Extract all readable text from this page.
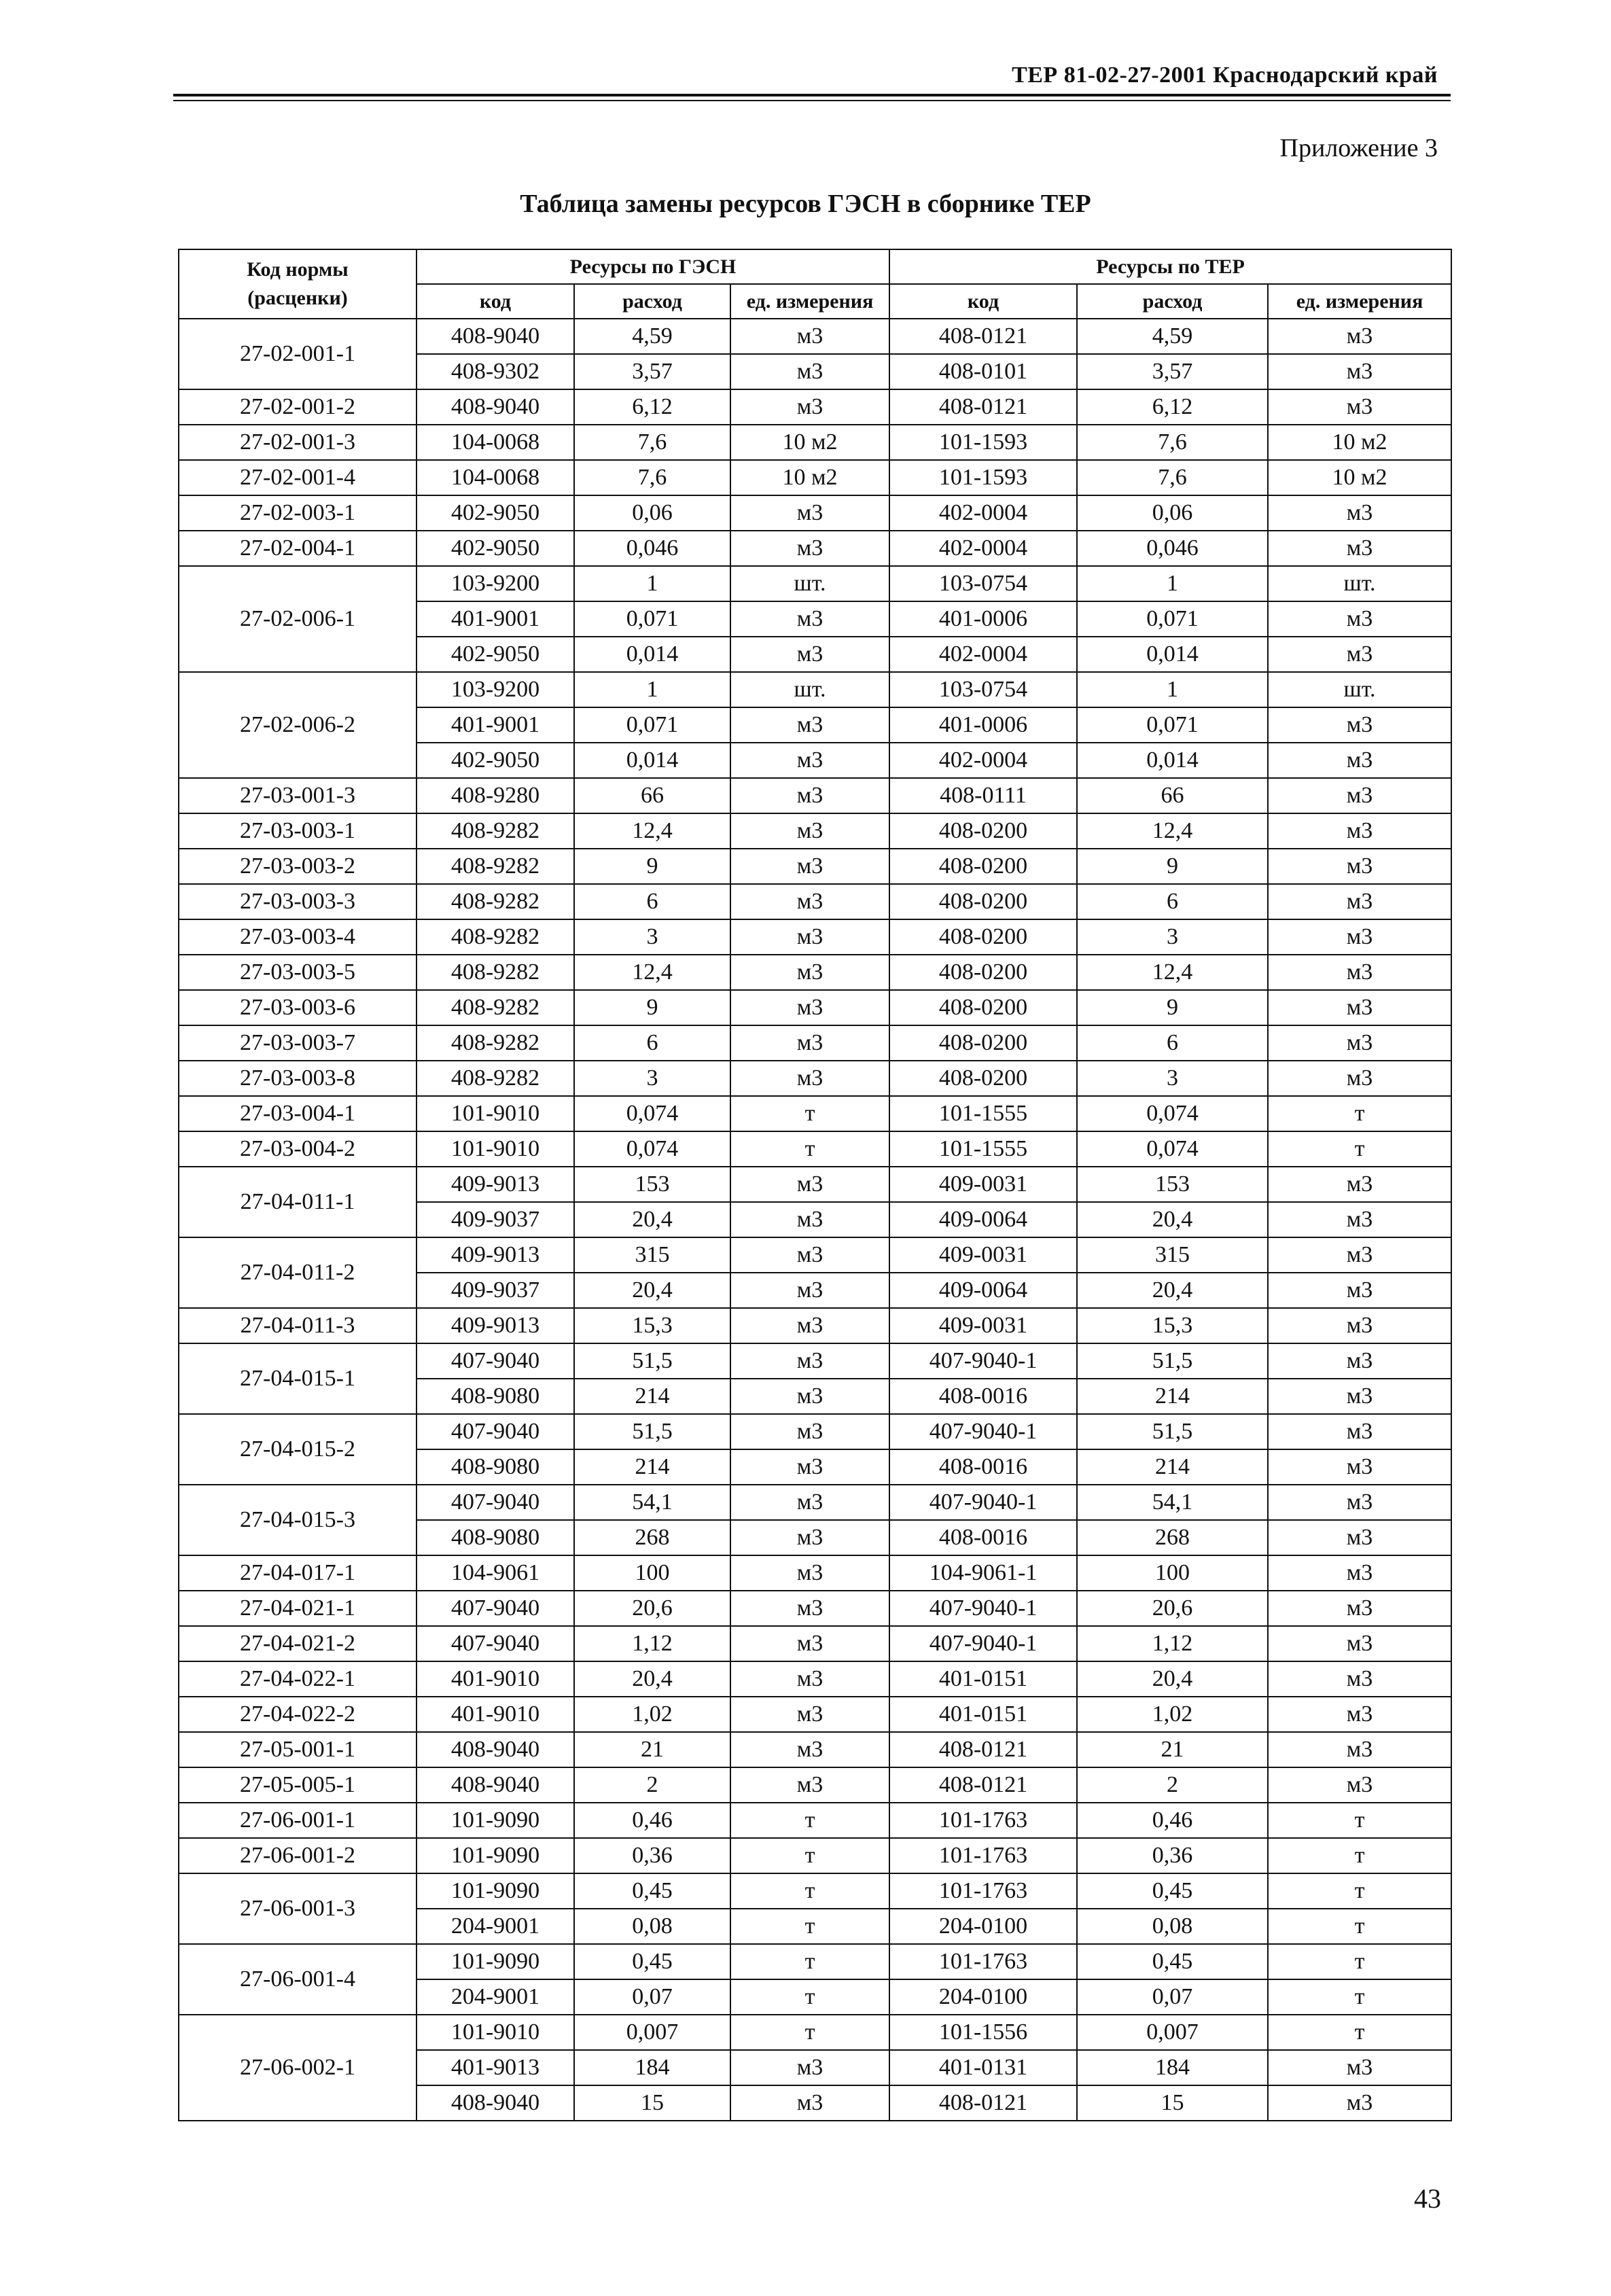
ТЕР 81-02-27-2001 Краснодарский край
Приложение 3
Таблица замены ресурсов ГЭСН в сборнике ТЕР
Код нормы
(расценки)	Ресурсы по ГЭСН			Ресурсы по ТЕР		
	код	расход	ед. измерения	код	расход	ед. измерения
27-02-001-1	408-9040	4,59	м3	408-0121	4,59	м3
	408-9302	3,57	м3	408-0101	3,57	м3
27-02-001-2	408-9040	6,12	м3	408-0121	6,12	м3
27-02-001-3	104-0068	7,6	10 м2	101-1593	7,6	10 м2
27-02-001-4	104-0068	7,6	10 м2	101-1593	7,6	10 м2
27-02-003-1	402-9050	0,06	м3	402-0004	0,06	м3
27-02-004-1	402-9050	0,046	м3	402-0004	0,046	м3
27-02-006-1	103-9200	1	шт.	103-0754	1	шт.
	401-9001	0,071	м3	401-0006	0,071	м3
	402-9050	0,014	м3	402-0004	0,014	м3
27-02-006-2	103-9200	1	шт.	103-0754	1	шт.
	401-9001	0,071	м3	401-0006	0,071	м3
	402-9050	0,014	м3	402-0004	0,014	м3
27-03-001-3	408-9280	66	м3	408-0111	66	м3
27-03-003-1	408-9282	12,4	м3	408-0200	12,4	м3
27-03-003-2	408-9282	9	м3	408-0200	9	м3
27-03-003-3	408-9282	6	м3	408-0200	6	м3
27-03-003-4	408-9282	3	м3	408-0200	3	м3
27-03-003-5	408-9282	12,4	м3	408-0200	12,4	м3
27-03-003-6	408-9282	9	м3	408-0200	9	м3
27-03-003-7	408-9282	6	м3	408-0200	6	м3
27-03-003-8	408-9282	3	м3	408-0200	3	м3
27-03-004-1	101-9010	0,074	т	101-1555	0,074	т
27-03-004-2	101-9010	0,074	т	101-1555	0,074	т
27-04-011-1	409-9013	153	м3	409-0031	153	м3
	409-9037	20,4	м3	409-0064	20,4	м3
27-04-011-2	409-9013	315	м3	409-0031	315	м3
	409-9037	20,4	м3	409-0064	20,4	м3
27-04-011-3	409-9013	15,3	м3	409-0031	15,3	м3
27-04-015-1	407-9040	51,5	м3	407-9040-1	51,5	м3
	408-9080	214	м3	408-0016	214	м3
27-04-015-2	407-9040	51,5	м3	407-9040-1	51,5	м3
	408-9080	214	м3	408-0016	214	м3
27-04-015-3	407-9040	54,1	м3	407-9040-1	54,1	м3
	408-9080	268	м3	408-0016	268	м3
27-04-017-1	104-9061	100	м3	104-9061-1	100	м3
27-04-021-1	407-9040	20,6	м3	407-9040-1	20,6	м3
27-04-021-2	407-9040	1,12	м3	407-9040-1	1,12	м3
27-04-022-1	401-9010	20,4	м3	401-0151	20,4	м3
27-04-022-2	401-9010	1,02	м3	401-0151	1,02	м3
27-05-001-1	408-9040	21	м3	408-0121	21	м3
27-05-005-1	408-9040	2	м3	408-0121	2	м3
27-06-001-1	101-9090	0,46	т	101-1763	0,46	т
27-06-001-2	101-9090	0,36	т	101-1763	0,36	т
27-06-001-3	101-9090	0,45	т	101-1763	0,45	т
	204-9001	0,08	т	204-0100	0,08	т
27-06-001-4	101-9090	0,45	т	101-1763	0,45	т
	204-9001	0,07	т	204-0100	0,07	т
27-06-002-1	101-9010	0,007	т	101-1556	0,007	т
	401-9013	184	м3	401-0131	184	м3
	408-9040	15	м3	408-0121	15	м3
43
